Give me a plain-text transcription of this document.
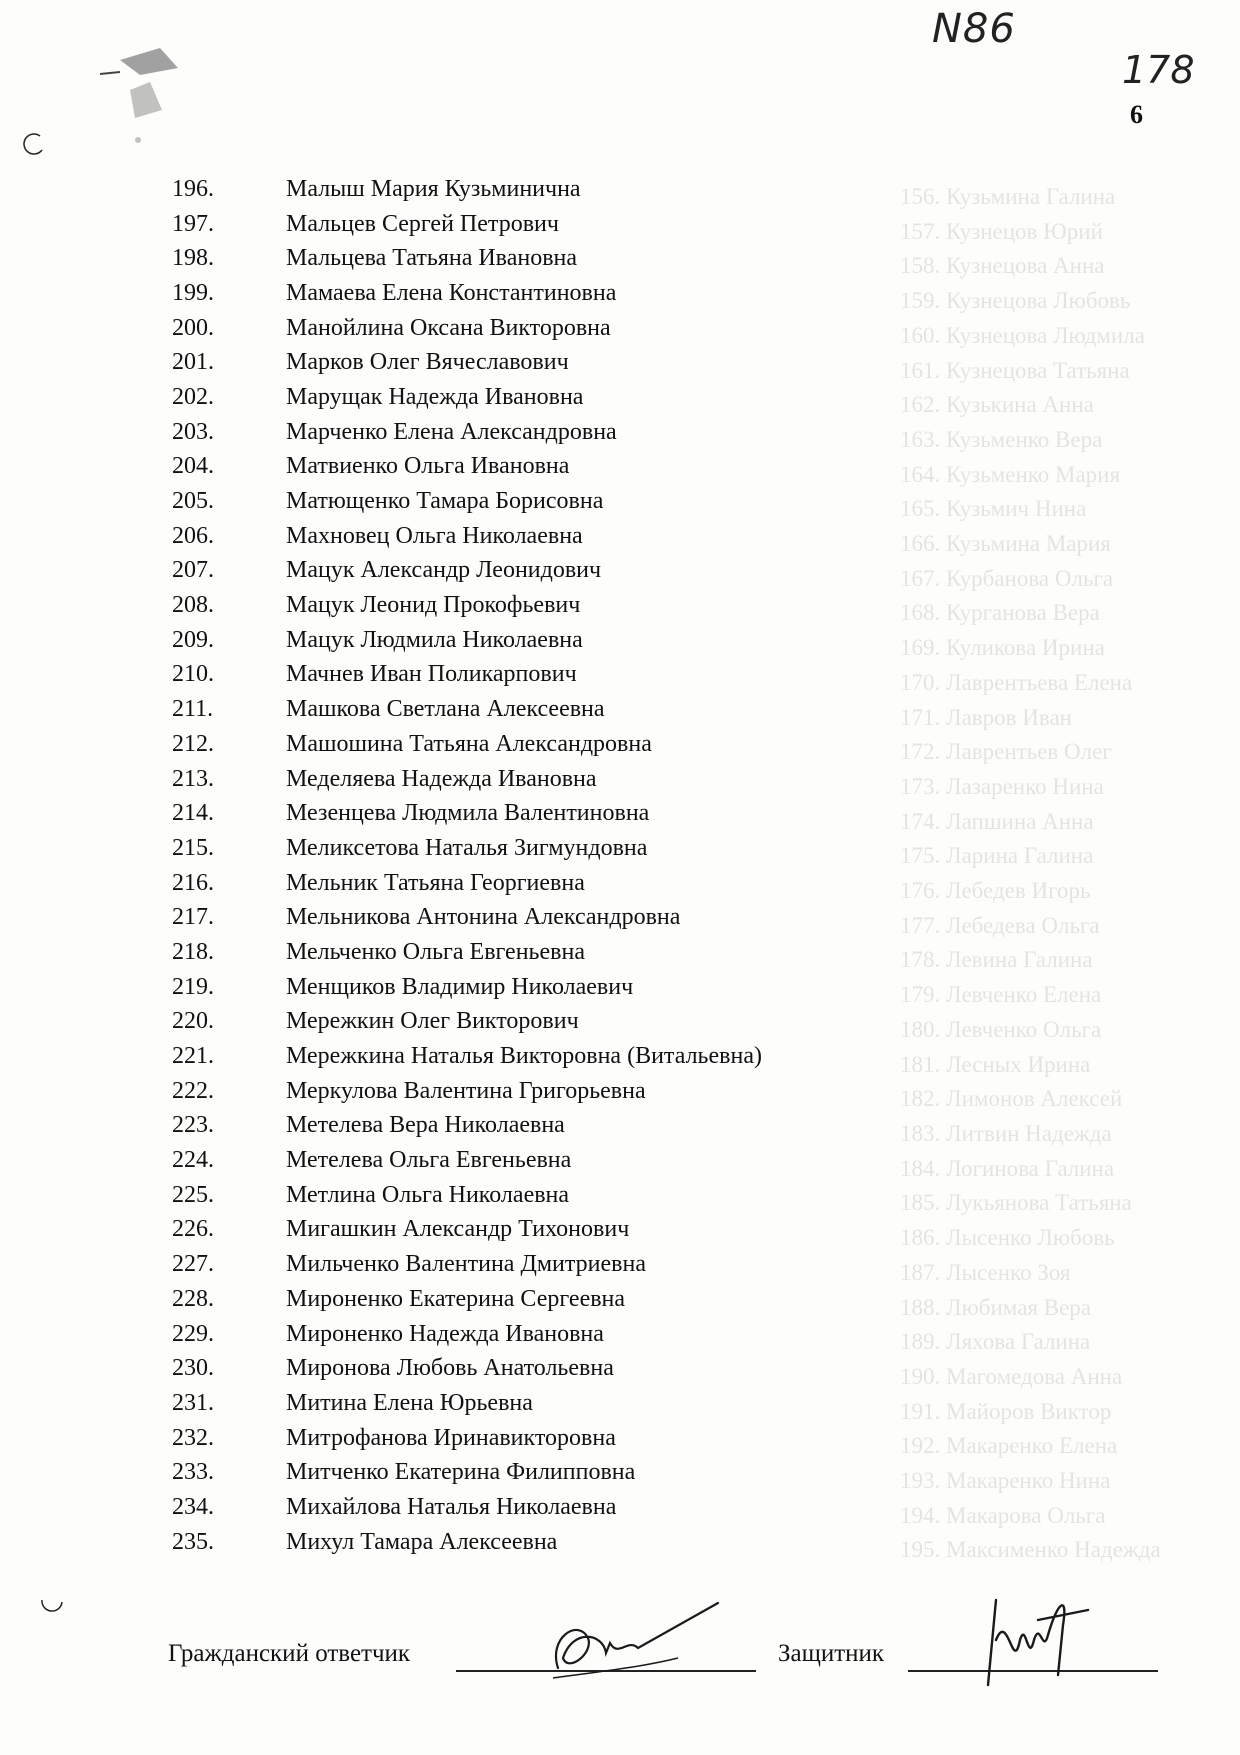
156. Кузьмина Галина
157. Кузнецов Юрий
158. Кузнецова Анна
159. Кузнецова Любовь
160. Кузнецова Людмила
161. Кузнецова Татьяна
162. Кузькина Анна
163. Кузьменко Вера
164. Кузьменко Мария
165. Кузьмич Нина
166. Кузьмина Мария
167. Курбанова Ольга
168. Курганова Вера
169. Куликова Ирина
170. Лаврентьева Елена
171. Лавров Иван
172. Лаврентьев Олег
173. Лазаренко Нина
174. Лапшина Анна
175. Ларина Галина
176. Лебедев Игорь
177. Лебедева Ольга
178. Левина Галина
179. Левченко Елена
180. Левченко Ольга
181. Лесных Ирина
182. Лимонов Алексей
183. Литвин Надежда
184. Логинова Галина
185. Лукьянова Татьяна
186. Лысенко Любовь
187. Лысенко Зоя
188. Любимая Вера
189. Ляхова Галина
190. Магомедова Анна
191. Майоров Виктор
192. Макаренко Елена
193. Макаренко Нина
194. Макарова Ольга
195. Максименко Надежда
N86
178
6
196.	Малыш Мария Кузьминична
197.	Мальцев Сергей Петрович
198.	Мальцева Татьяна Ивановна
199.	Мамаева Елена Константиновна
200.	Манойлина Оксана Викторовна
201.	Марков Олег Вячеславович
202.	Марущак Надежда Ивановна
203.	Марченко Елена Александровна
204.	Матвиенко Ольга Ивановна
205.	Матющенко Тамара Борисовна
206.	Махновец Ольга Николаевна
207.	Мацук Александр Леонидович
208.	Мацук Леонид Прокофьевич
209.	Мацук Людмила Николаевна
210.	Мачнев Иван Поликарпович
211.	Машкова Светлана Алексеевна
212.	Машошина Татьяна Александровна
213.	Меделяева Надежда Ивановна
214.	Мезенцева Людмила Валентиновна
215.	Меликсетова Наталья Зигмундовна
216.	Мельник Татьяна Георгиевна
217.	Мельникова Антонина Александровна
218.	Мельченко Ольга Евгеньевна
219.	Менщиков Владимир Николаевич
220.	Мережкин Олег Викторович
221.	Мережкина Наталья Викторовна (Витальевна)
222.	Меркулова Валентина Григорьевна
223.	Метелева Вера Николаевна
224.	Метелева Ольга Евгеньевна
225.	Метлина Ольга Николаевна
226.	Мигашкин Александр Тихонович
227.	Мильченко Валентина Дмитриевна
228.	Мироненко Екатерина Сергеевна
229.	Мироненко Надежда Ивановна
230.	Миронова Любовь Анатольевна
231.	Митина Елена Юрьевна
232.	Митрофанова Иринавикторовна
233.	Митченко Екатерина Филипповна
234.	Михайлова Наталья Николаевна
235.	Михул Тамара Алексеевна
Гражданский ответчик	Защитник
